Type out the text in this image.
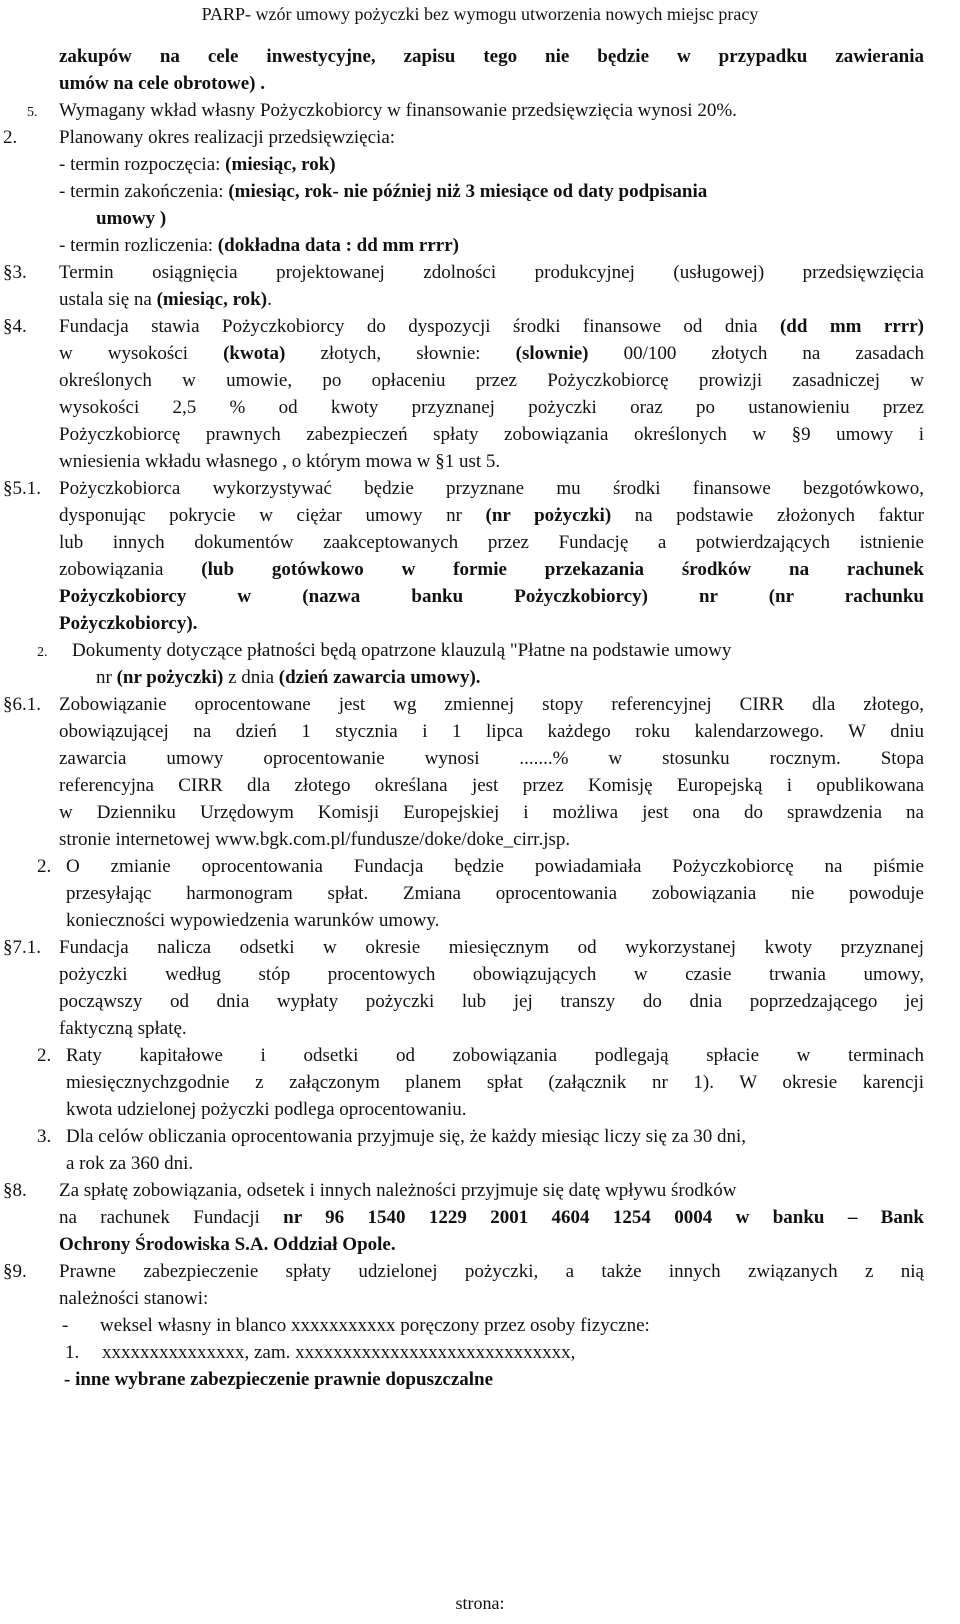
PARP- wzór umowy pożyczki bez wymogu utworzenia nowych miejsc pracy
zakupów na cele inwestycyjne, zapisu tego nie będzie w przypadku zawierania
umów na cele obrotowe) .
5. Wymagany wkład własny Pożyczkobiorcy w finansowanie przedsięwzięcia wynosi 20%.
2. Planowany okres realizacji przedsięwzięcia:
- termin rozpoczęcia: (miesiąc, rok)
- termin zakończenia: (miesiąc, rok- nie później niż 3 miesiące od daty podpisania
umowy )
- termin rozliczenia: (dokładna data : dd mm rrrr)
§3. Termin osiągnięcia projektowanej zdolności produkcyjnej (usługowej) przedsięwzięcia
ustala się na (miesiąc, rok).
§4. Fundacja stawia Pożyczkobiorcy do dyspozycji środki finansowe od dnia (dd mm rrrr)
w wysokości (kwota) złotych, słownie: (slownie) 00/100 złotych na zasadach
określonych w umowie, po opłaceniu przez Pożyczkobiorcę prowizji zasadniczej w
wysokości 2,5 % od kwoty przyznanej pożyczki oraz po ustanowieniu przez
Pożyczkobiorcę prawnych zabezpieczeń spłaty zobowiązania określonych w §9 umowy i
wniesienia wkładu własnego , o którym mowa w §1 ust 5.
§5.1. Pożyczkobiorca wykorzystywać będzie przyznane mu środki finansowe bezgotówkowo,
dysponując pokrycie w ciężar umowy nr (nr pożyczki) na podstawie złożonych faktur
lub innych dokumentów zaakceptowanych przez Fundację a potwierdzających istnienie
zobowiązania (lub gotówkowo w formie przekazania środków na rachunek
Pożyczkobiorcy w (nazwa banku Pożyczkobiorcy) nr (nr rachunku
Pożyczkobiorcy).
2. Dokumenty dotyczące płatności będą opatrzone klauzulą "Płatne na podstawie umowy
nr (nr pożyczki) z dnia (dzień zawarcia umowy).
§6.1. Zobowiązanie oprocentowane jest wg zmiennej stopy referencyjnej CIRR dla złotego,
obowiązującej na dzień 1 stycznia i 1 lipca każdego roku kalendarzowego. W dniu
zawarcia umowy oprocentowanie wynosi .......% w stosunku rocznym. Stopa
referencyjna CIRR dla złotego określana jest przez Komisję Europejską i opublikowana
w Dzienniku Urzędowym Komisji Europejskiej i możliwa jest ona do sprawdzenia na
stronie internetowej www.bgk.com.pl/fundusze/doke/doke_cirr.jsp.
2. O zmianie oprocentowania Fundacja będzie powiadamiała Pożyczkobiorcę na piśmie
przesyłając harmonogram spłat. Zmiana oprocentowania zobowiązania nie powoduje
konieczności wypowiedzenia warunków umowy.
§7.1. Fundacja nalicza odsetki w okresie miesięcznym od wykorzystanej kwoty przyznanej
pożyczki według stóp procentowych obowiązujących w czasie trwania umowy,
począwszy od dnia wypłaty pożyczki lub jej transzy do dnia poprzedzającego jej
faktyczną spłatę.
2. Raty kapitałowe i odsetki od zobowiązania podlegają spłacie w terminach
miesięcznychzgodnie z załączonym planem spłat (załącznik nr 1). W okresie karencji
kwota udzielonej pożyczki podlega oprocentowaniu.
3. Dla celów obliczania oprocentowania przyjmuje się, że każdy miesiąc liczy się za 30 dni,
a rok za 360 dni.
§8. Za spłatę zobowiązania, odsetek i innych należności przyjmuje się datę wpływu środków
na rachunek Fundacji nr 96 1540 1229 2001 4604 1254 0004 w banku – Bank
Ochrony Środowiska S.A. Oddział Opole.
§9. Prawne zabezpieczenie spłaty udzielonej pożyczki, a także innych związanych z nią
należności stanowi:
- weksel własny in blanco xxxxxxxxxxx poręczony przez osoby fizyczne:
1. xxxxxxxxxxxxxxx, zam. xxxxxxxxxxxxxxxxxxxxxxxxxxxxx,
- inne wybrane zabezpieczenie prawnie dopuszczalne
strona:
